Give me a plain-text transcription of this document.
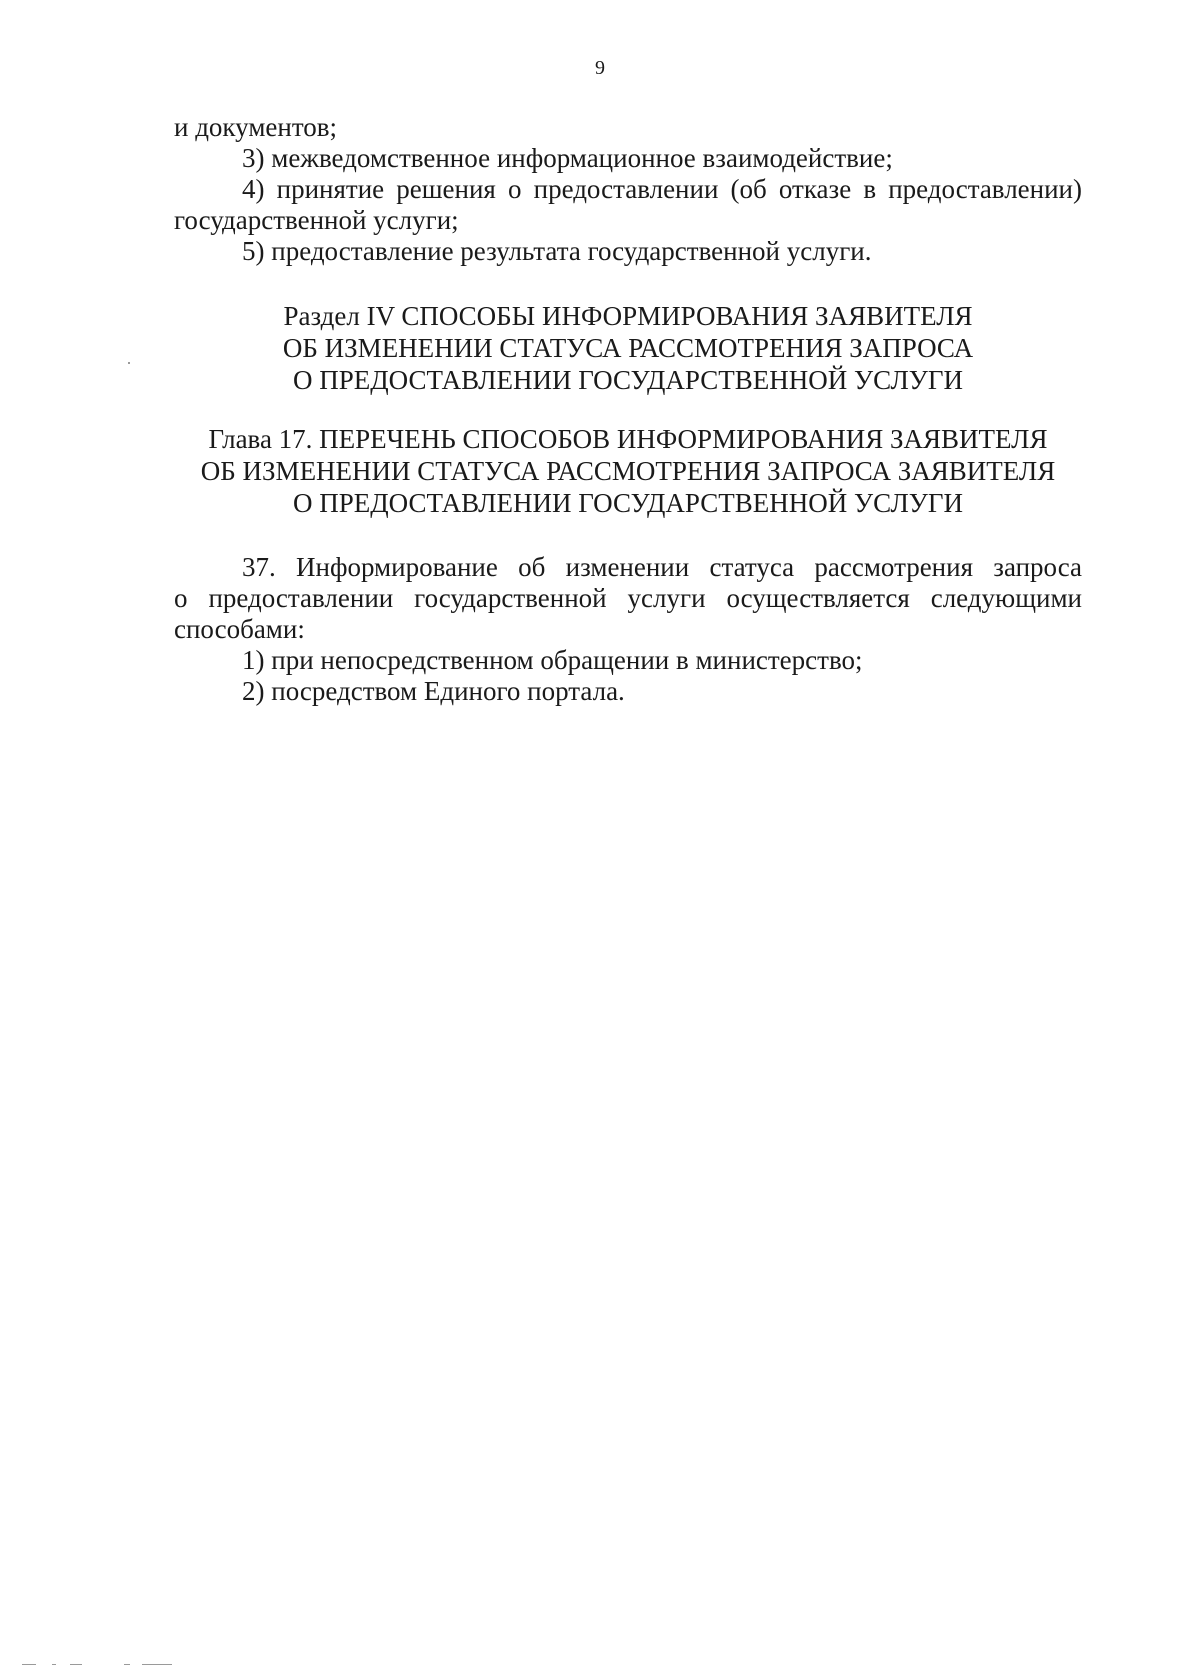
9
и документов;
3) межведомственное информационное взаимодействие;
4) принятие решения о предоставлении (об отказе в предоставлении)
государственной услуги;
5) предоставление результата государственной услуги.
Раздел IV СПОСОБЫ ИНФОРМИРОВАНИЯ ЗАЯВИТЕЛЯ
ОБ ИЗМЕНЕНИИ СТАТУСА РАССМОТРЕНИЯ ЗАПРОСА
О ПРЕДОСТАВЛЕНИИ ГОСУДАРСТВЕННОЙ УСЛУГИ
Глава 17. ПЕРЕЧЕНЬ СПОСОБОВ ИНФОРМИРОВАНИЯ ЗАЯВИТЕЛЯ
ОБ ИЗМЕНЕНИИ СТАТУСА РАССМОТРЕНИЯ ЗАПРОСА ЗАЯВИТЕЛЯ
О ПРЕДОСТАВЛЕНИИ ГОСУДАРСТВЕННОЙ УСЛУГИ
37. Информирование об изменении статуса рассмотрения запроса
о предоставлении государственной услуги осуществляется следующими
способами:
1) при непосредственном обращении в министерство;
2) посредством Единого портала.
